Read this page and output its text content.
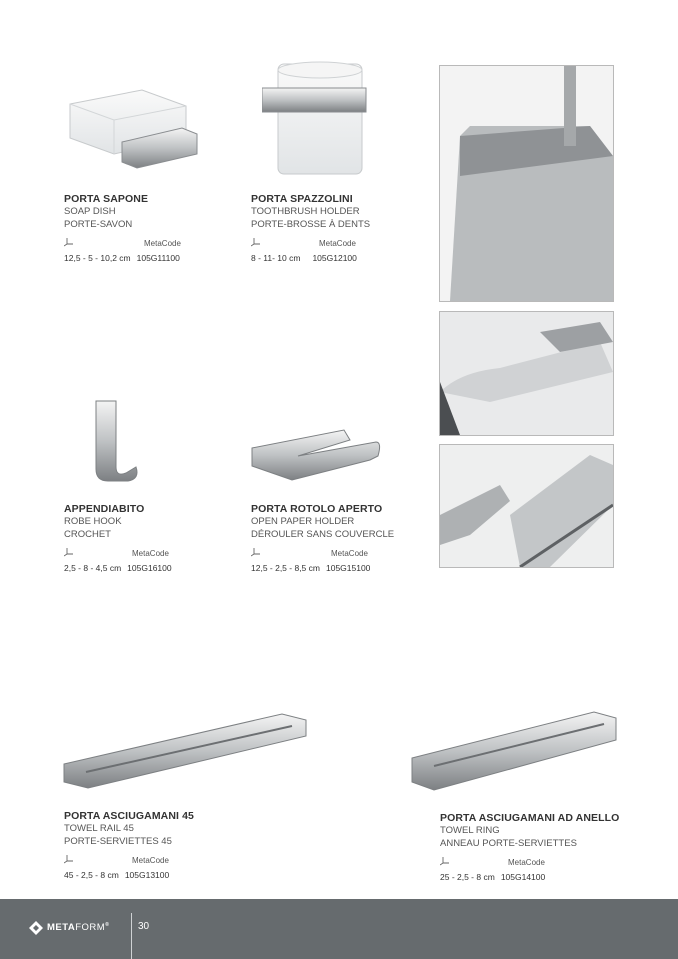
PORTA SAPONE
SOAP DISH
PORTE-SAVON
MetaCode
12,5 - 5 - 10,2 cm 105G11100
PORTA SPAZZOLINI
TOOTHBRUSH HOLDER
PORTE-BROSSE À DENTS
MetaCode
8 - 11- 10 cm 105G12100
APPENDIABITO
ROBE HOOK
CROCHET
MetaCode
2,5 - 8 - 4,5 cm 105G16100
PORTA ROTOLO APERTO
OPEN PAPER HOLDER
DÉROULER SANS COUVERCLE
MetaCode
12,5 - 2,5 - 8,5 cm 105G15100
PORTA ASCIUGAMANI 45
TOWEL RAIL 45
PORTE-SERVIETTES 45
MetaCode
45 - 2,5 - 8 cm 105G13100
PORTA ASCIUGAMANI AD ANELLO
TOWEL RING
ANNEAU PORTE-SERVIETTES
MetaCode
25 - 2,5 - 8 cm 105G14100
METAFORM®	30
